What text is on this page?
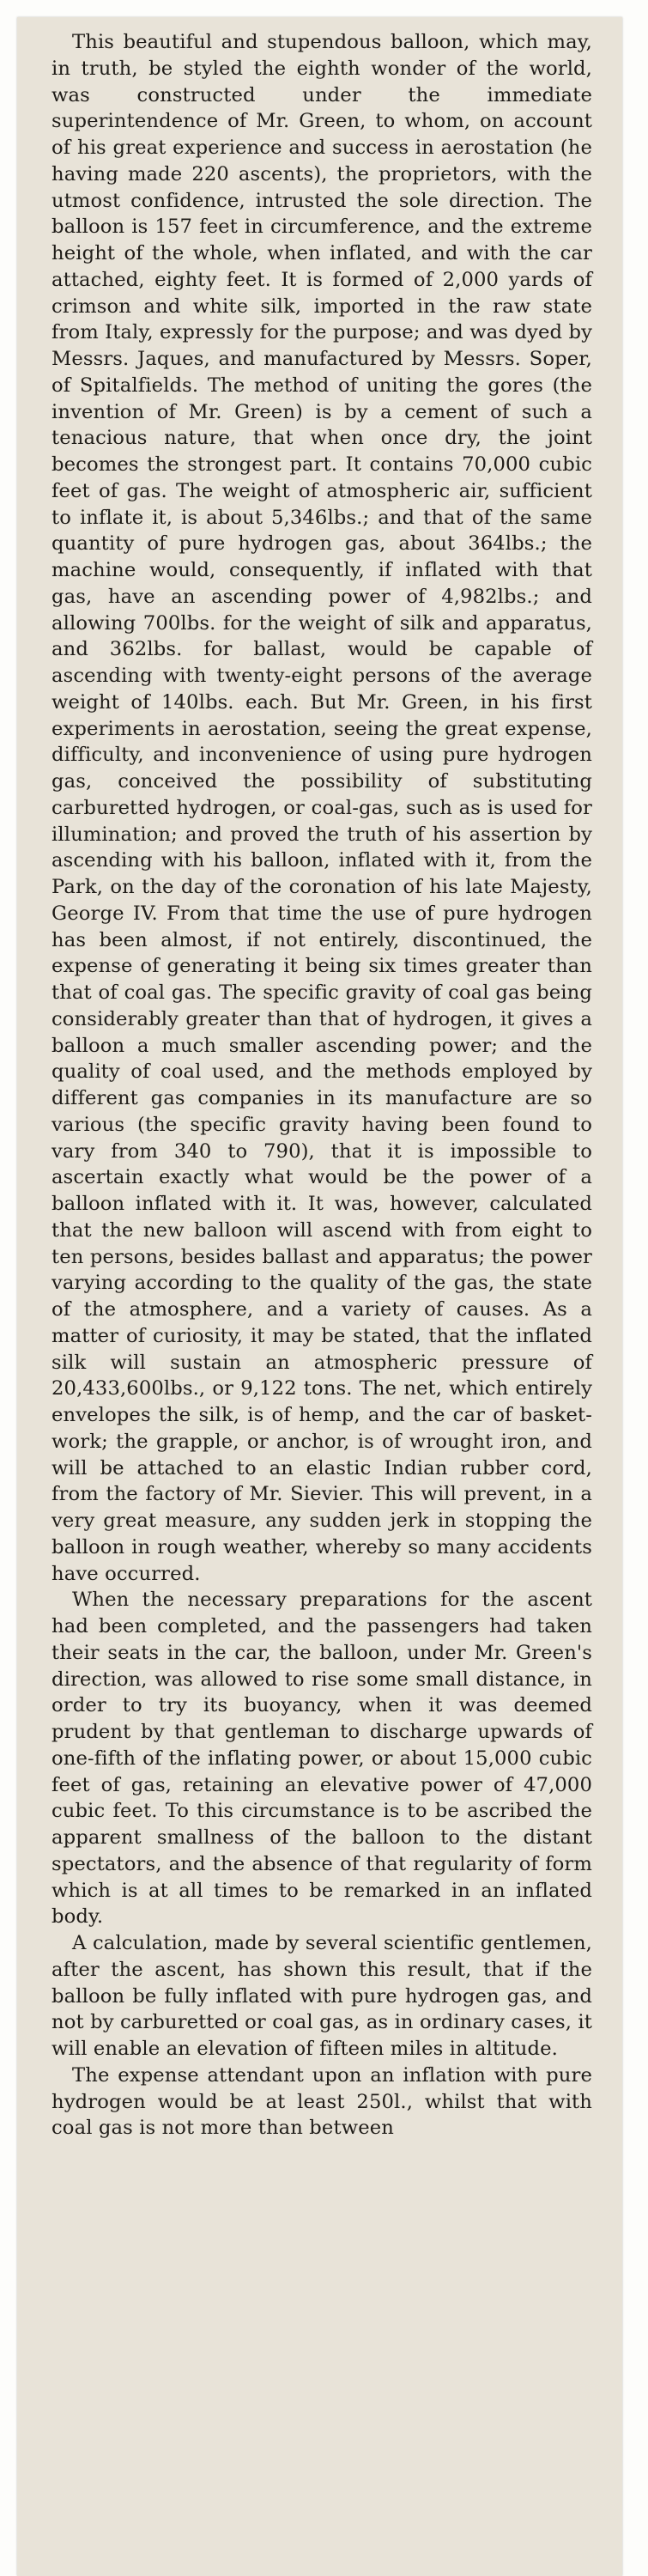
This beautiful and stupendous balloon, which may, in truth, be styled the eighth wonder of the world, was constructed under the immediate superintendence of Mr. Green, to whom, on account of his great experience and success in aerostation (he having made 220 ascents), the proprietors, with the utmost confidence, intrusted the sole direction. The balloon is 157 feet in circumference, and the extreme height of the whole, when inflated, and with the car attached, eighty feet. It is formed of 2,000 yards of crimson and white silk, imported in the raw state from Italy, expressly for the purpose; and was dyed by Messrs. Jaques, and manufactured by Messrs. Soper, of Spitalfields. The method of uniting the gores (the invention of Mr. Green) is by a cement of such a tenacious nature, that when once dry, the joint becomes the strongest part. It contains 70,000 cubic feet of gas. The weight of atmospheric air, sufficient to inflate it, is about 5,346lbs.; and that of the same quantity of pure hydrogen gas, about 364lbs.; the machine would, consequently, if inflated with that gas, have an ascending power of 4,982lbs.; and allowing 700lbs. for the weight of silk and apparatus, and 362lbs. for ballast, would be capable of ascending with twenty-eight persons of the average weight of 140lbs. each. But Mr. Green, in his first experiments in aerostation, seeing the great expense, difficulty, and inconvenience of using pure hydrogen gas, conceived the possibility of substituting carburetted hydrogen, or coal-gas, such as is used for illumination; and proved the truth of his assertion by ascending with his balloon, inflated with it, from the Park, on the day of the coronation of his late Majesty, George IV. From that time the use of pure hydrogen has been almost, if not entirely, discontinued, the expense of generating it being six times greater than that of coal gas. The specific gravity of coal gas being considerably greater than that of hydrogen, it gives a balloon a much smaller ascending power; and the quality of coal used, and the methods employed by different gas companies in its manufacture are so various (the specific gravity having been found to vary from 340 to 790), that it is impossible to ascertain exactly what would be the power of a balloon inflated with it. It was, however, calculated that the new balloon will ascend with from eight to ten persons, besides ballast and apparatus; the power varying according to the quality of the gas, the state of the atmosphere, and a variety of causes. As a matter of curiosity, it may be stated, that the inflated silk will sustain an atmospheric pressure of 20,433,600lbs., or 9,122 tons. The net, which entirely envelopes the silk, is of hemp, and the car of basket-work; the grapple, or anchor, is of wrought iron, and will be attached to an elastic Indian rubber cord, from the factory of Mr. Sievier. This will prevent, in a very great measure, any sudden jerk in stopping the balloon in rough weather, whereby so many accidents have occurred.

When the necessary preparations for the ascent had been completed, and the passengers had taken their seats in the car, the balloon, under Mr. Green's direction, was allowed to rise some small distance, in order to try its buoyancy, when it was deemed prudent by that gentleman to discharge upwards of one-fifth of the inflating power, or about 15,000 cubic feet of gas, retaining an elevative power of 47,000 cubic feet. To this circumstance is to be ascribed the apparent smallness of the balloon to the distant spectators, and the absence of that regularity of form which is at all times to be remarked in an inflated body.

A calculation, made by several scientific gentlemen, after the ascent, has shown this result, that if the balloon be fully inflated with pure hydrogen gas, and not by carburetted or coal gas, as in ordinary cases, it will enable an elevation of fifteen miles in altitude.

The expense attendant upon an inflation with pure hydrogen would be at least 250l., whilst that with coal gas is not more than between
